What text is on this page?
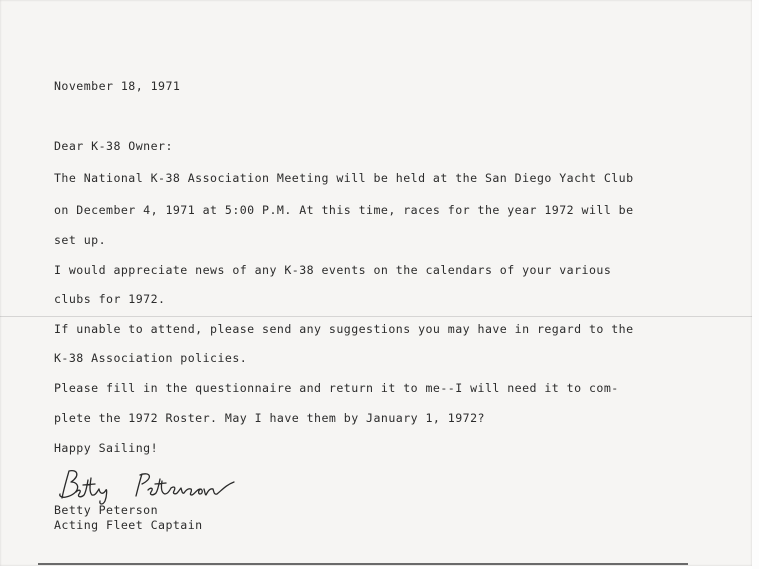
November 18, 1971
Dear K-38 Owner:
The National K-38 Association Meeting will be held at the San Diego Yacht Club
on December 4, 1971 at 5:00 P.M. At this time, races for the year 1972 will be
set up.
I would appreciate news of any K-38 events on the calendars of your various
clubs for 1972.
If unable to attend, please send any suggestions you may have in regard to the
K-38 Association policies.
Please fill in the questionnaire and return it to me--I will need it to com-
plete the 1972 Roster. May I have them by January 1, 1972?
Happy Sailing!
Betty Peterson
Acting Fleet Captain
